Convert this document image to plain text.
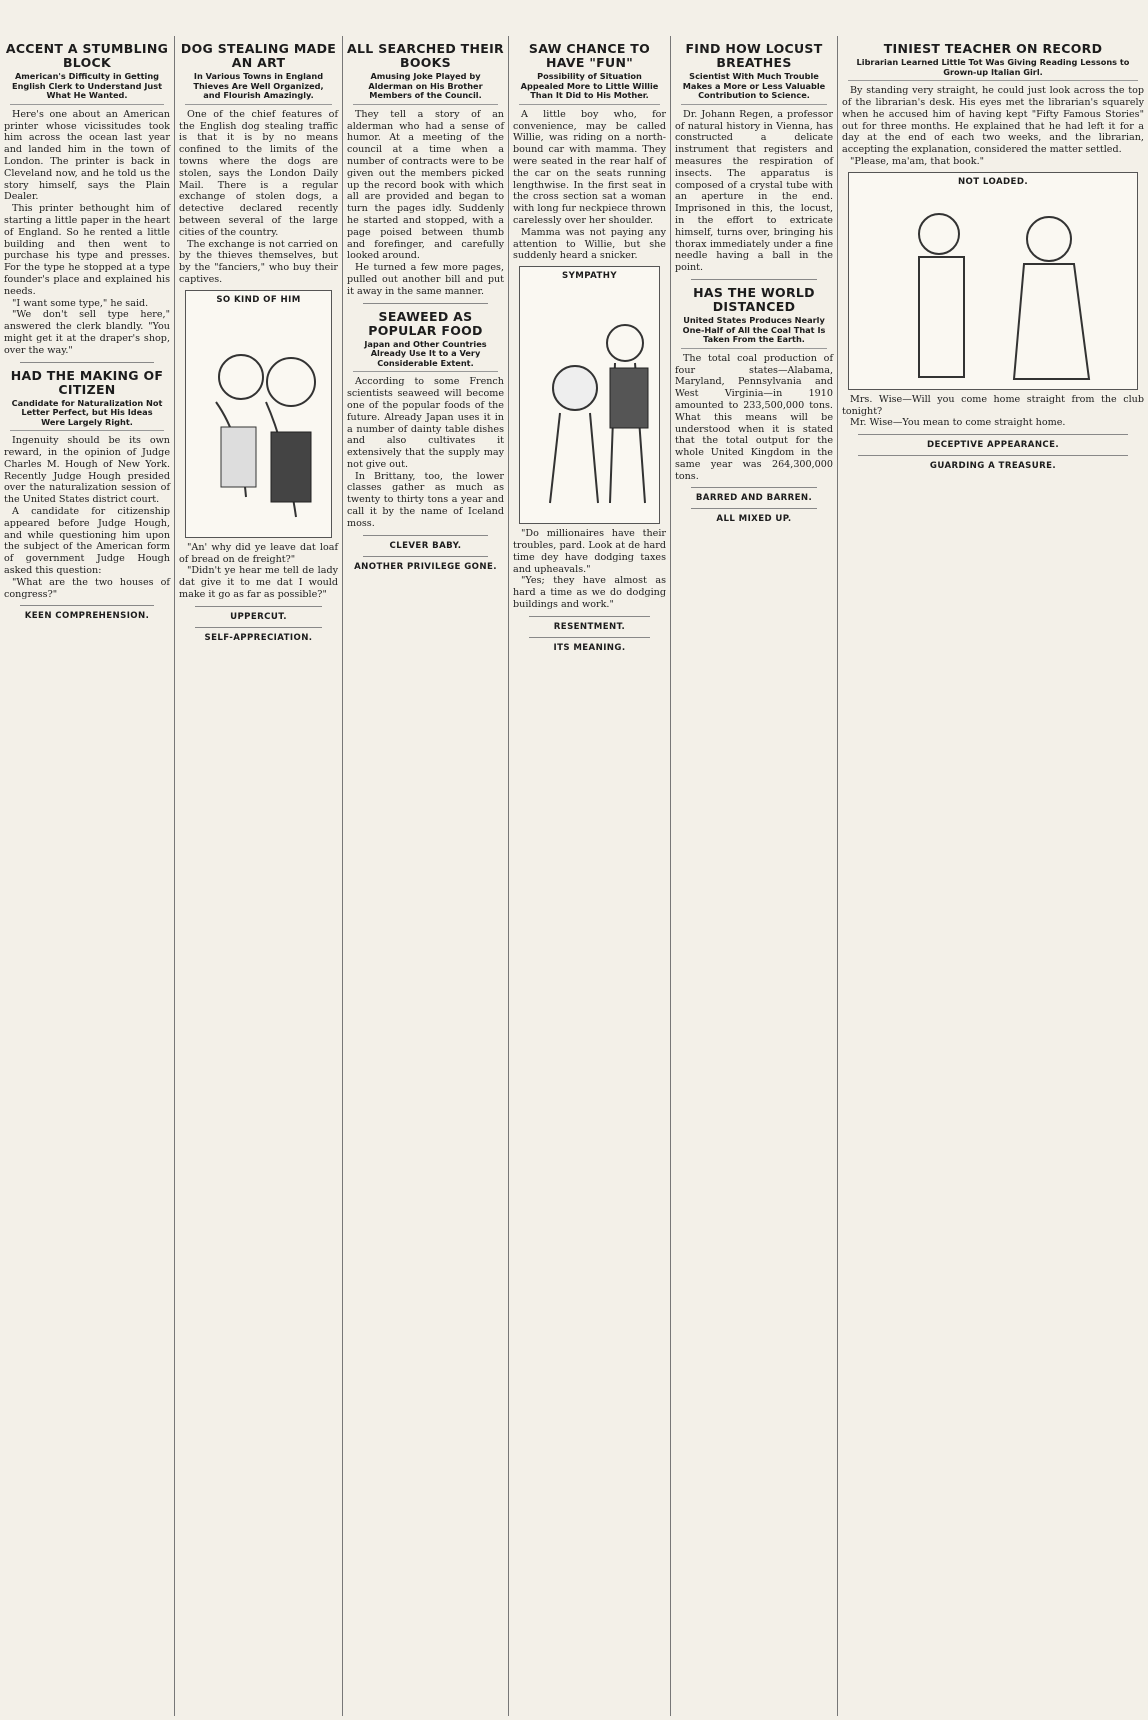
ACCENT A STUMBLING BLOCK
American's Difficulty in Getting English Clerk to Understand Just What He Wanted.

Here's one about an American printer whose vicissitudes took him across the ocean last year and landed him in the town of London. The printer is back in Cleveland now, and he told us the story himself, says the Plain Dealer.

This printer bethought him of starting a little paper in the heart of England. So he rented a little building and then went to purchase his type and presses. For the type he stopped at a type founder's place and explained his needs.

"I want some type," he said.

"We don't sell type here," answered the clerk blandly. "You might get it at the draper's shop, over the way."

HAD THE MAKING OF CITIZEN
Candidate for Naturalization Not Letter Perfect, but His Ideas Were Largely Right.

Ingenuity should be its own reward, in the opinion of Judge Charles M. Hough of New York. Recently Judge Hough presided over the naturalization session of the United States district court.

A candidate for citizenship appeared before Judge Hough, and while questioning him upon the subject of the American form of government Judge Hough asked this question:

"What are the two houses of congress?"

KEEN COMPREHENSION.
DOG STEALING MADE AN ART
In Various Towns in England Thieves Are Well Organized, and Flourish Amazingly.

One of the chief features of the English dog stealing traffic is that it is by no means confined to the limits of the towns where the dogs are stolen, says the London Daily Mail. There is a regular exchange of stolen dogs, a detective declared recently between several of the large cities of the country.

The exchange is not carried on by the thieves themselves, but by the "fanciers," who buy their captives.

SO KIND OF HIM

"An' why did ye leave dat loaf of bread on de freight?"

"Didn't ye hear me tell de lady dat give it to me dat I would make it go as far as possible?"

UPPERCUT.
SELF-APPRECIATION.
ALL SEARCHED THEIR BOOKS
Amusing Joke Played by Alderman on His Brother Members of the Council.

They tell a story of an alderman who had a sense of humor. At a meeting of the council at a time when a number of contracts were to be given out the members picked up the record book with which all are provided and began to turn the pages idly. Suddenly he started and stopped, with a page poised between thumb and forefinger, and carefully looked around.

He turned a few more pages, pulled out another bill and put it away in the same manner.

SEAWEED AS POPULAR FOOD
Japan and Other Countries Already Use It to a Very Considerable Extent.

According to some French scientists seaweed will become one of the popular foods of the future. Already Japan uses it in a number of dainty table dishes and also cultivates it extensively that the supply may not give out.

In Brittany, too, the lower classes gather as much as twenty to thirty tons a year and call it by the name of Iceland moss.

CLEVER BABY.
ANOTHER PRIVILEGE GONE.
SAW CHANCE TO HAVE "FUN"
Possibility of Situation Appealed More to Little Willie Than It Did to His Mother.

A little boy who, for convenience, may be called Willie, was riding on a north-bound car with mamma. They were seated in the rear half of the car on the seats running lengthwise. In the first seat in the cross section sat a woman with long fur neckpiece thrown carelessly over her shoulder.

Mamma was not paying any attention to Willie, but she suddenly heard a snicker.

SYMPATHY

"Do millionaires have their troubles, pard. Look at de hard time dey have dodging taxes and upheavals."

"Yes; they have almost as hard a time as we do dodging buildings and work."

RESENTMENT.
ITS MEANING.
FIND HOW LOCUST BREATHES
Scientist With Much Trouble Makes a More or Less Valuable Contribution to Science.

Dr. Johann Regen, a professor of natural history in Vienna, has constructed a delicate instrument that registers and measures the respiration of insects. The apparatus is composed of a crystal tube with an aperture in the end. Imprisoned in this, the locust, in the effort to extricate himself, turns over, bringing his thorax immediately under a fine needle having a ball in the point.

HAS THE WORLD DISTANCED
United States Produces Nearly One-Half of All the Coal That Is Taken From the Earth.

The total coal production of four states—Alabama, Maryland, Pennsylvania and West Virginia—in 1910 amounted to 233,500,000 tons. What this means will be understood when it is stated that the total output for the whole United Kingdom in the same year was 264,300,000 tons.

BARRED AND BARREN.
ALL MIXED UP.
TINIEST TEACHER ON RECORD
Librarian Learned Little Tot Was Giving Reading Lessons to Grown-up Italian Girl.

By standing very straight, he could just look across the top of the librarian's desk. His eyes met the librarian's squarely when he accused him of having kept "Fifty Famous Stories" out for three months. He explained that he had left it for a day at the end of each two weeks, and the librarian, accepting the explanation, considered the matter settled.

"Please, ma'am, that book."

NOT LOADED.

Mrs. Wise—Will you come home straight from the club tonight?

Mr. Wise—You mean to come straight home.

DECEPTIVE APPEARANCE.
GUARDING A TREASURE.
